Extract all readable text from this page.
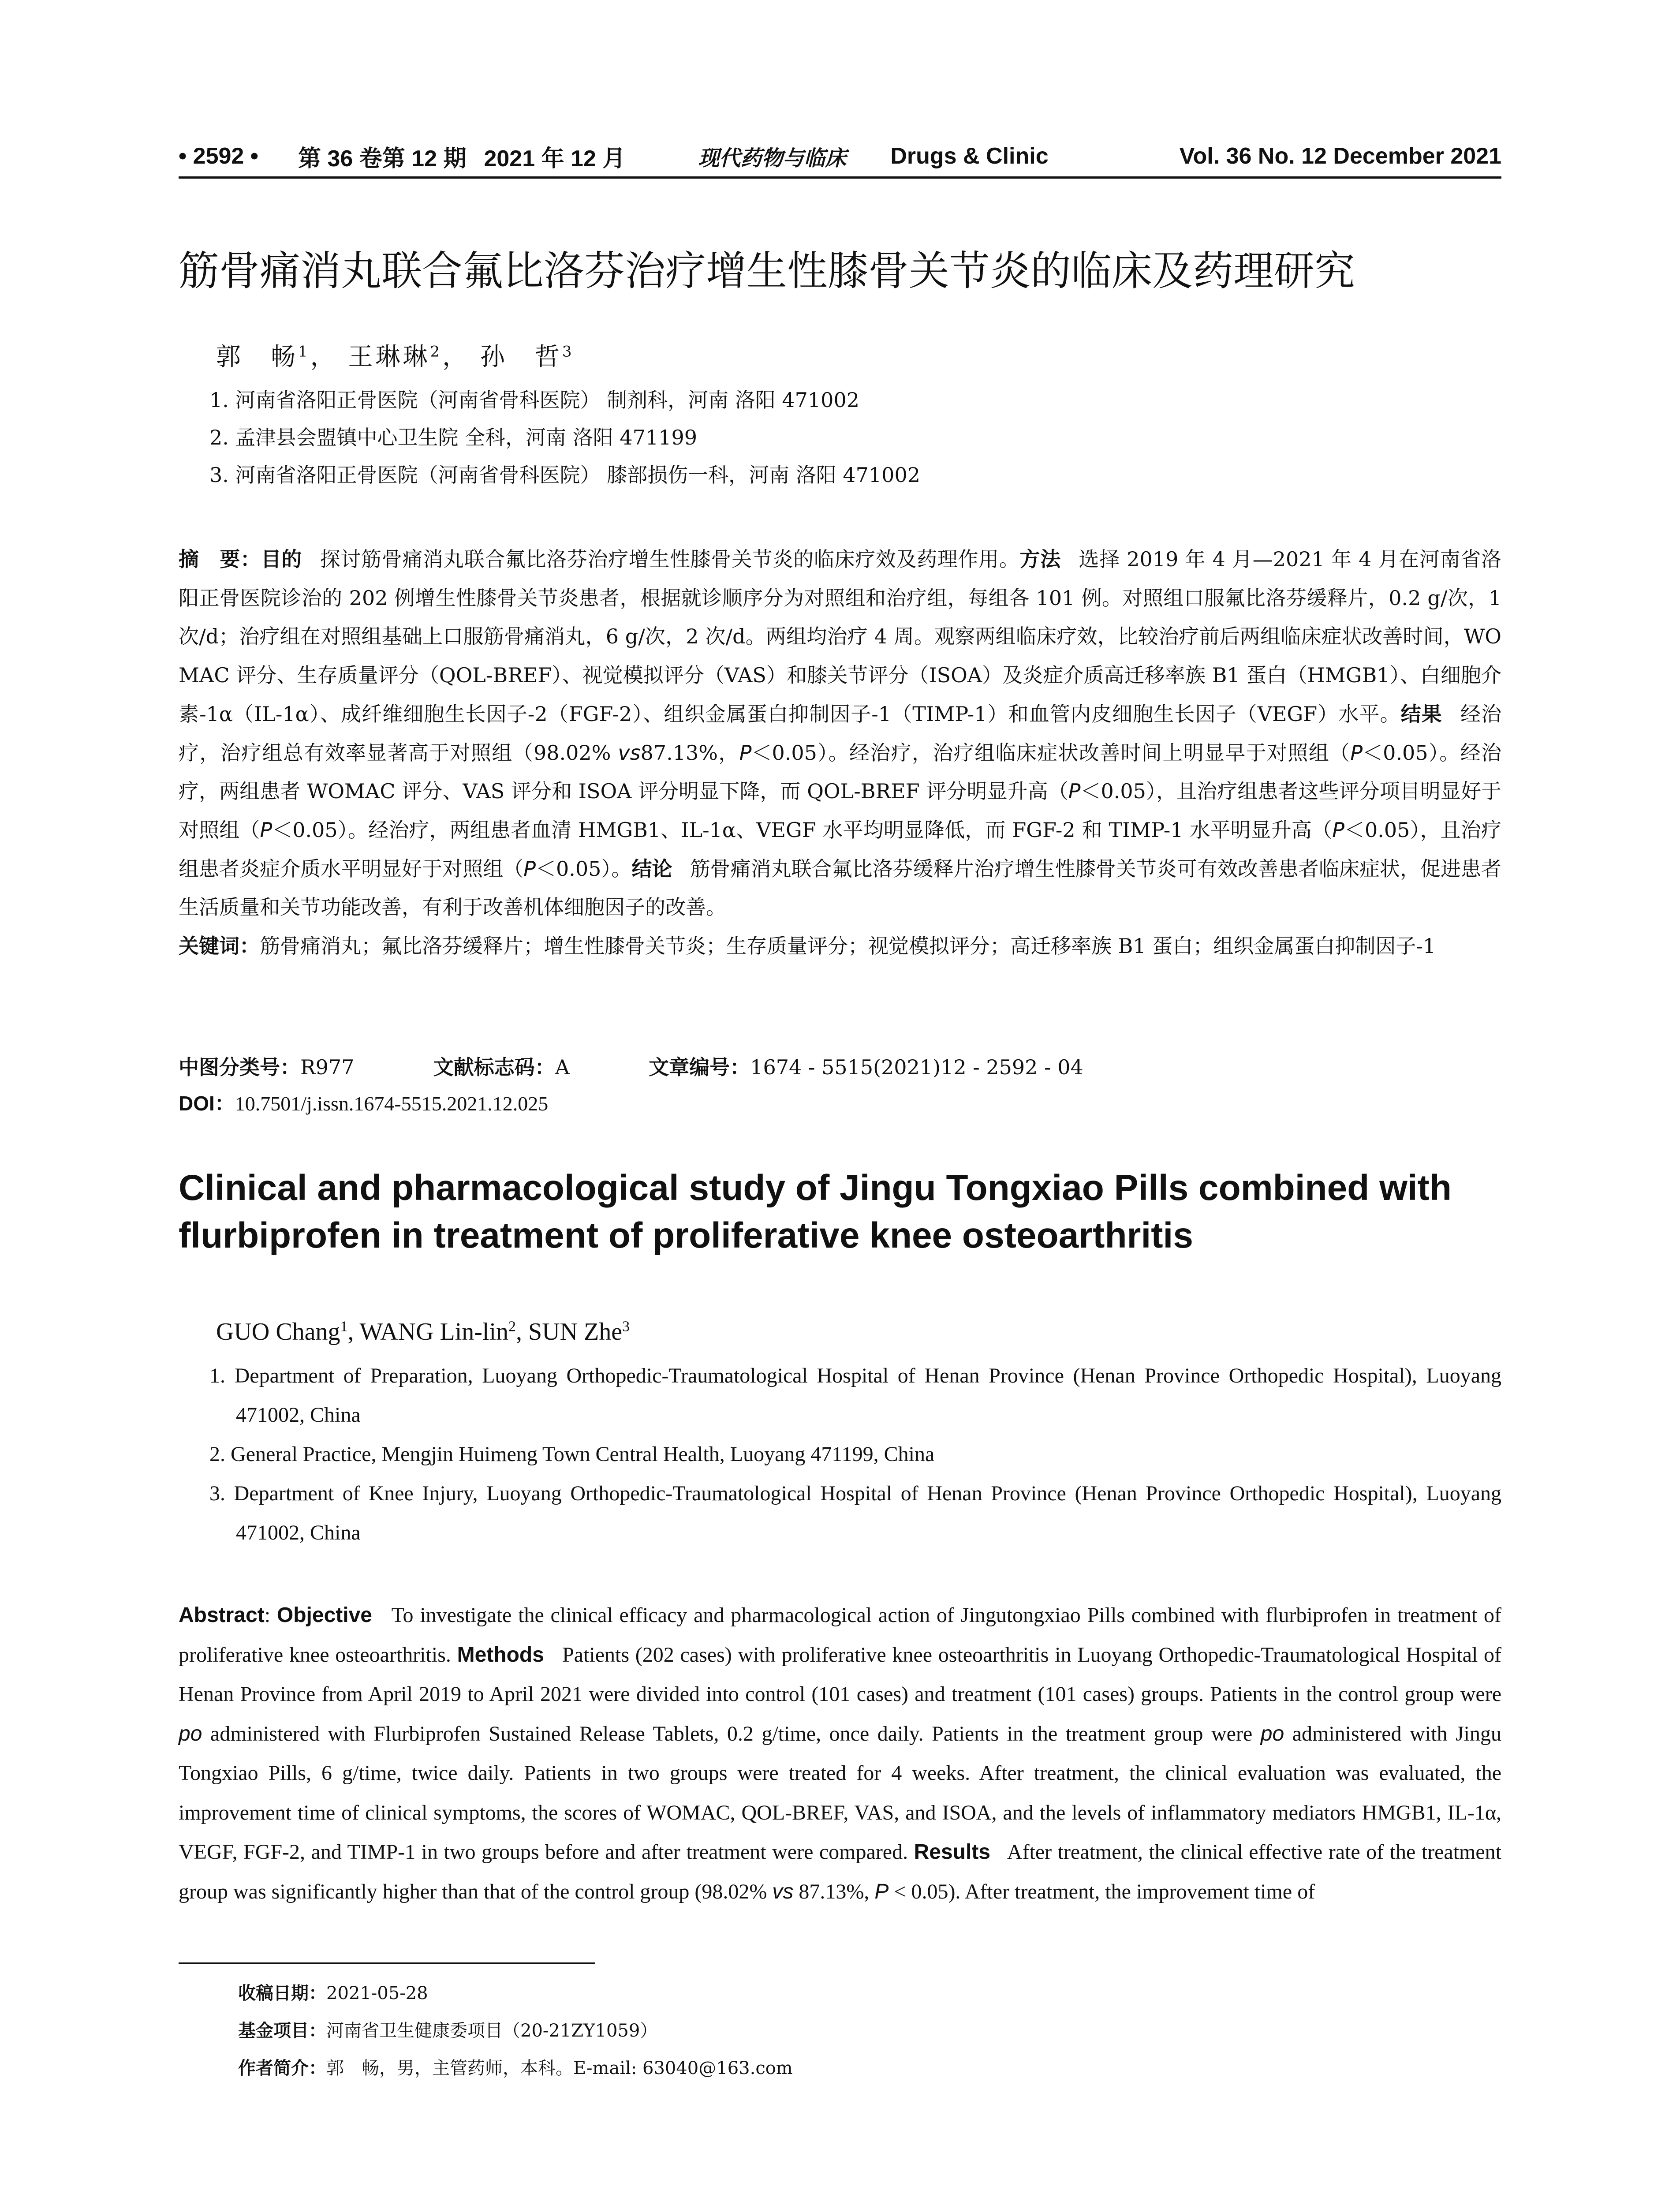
• 2592 • 第 36 卷第 12 期 2021 年 12 月	现代药物与临床 Drugs & Clinic	Vol. 36 No. 12 December 2021
筋骨痛消丸联合氟比洛芬治疗增生性膝骨关节炎的临床及药理研究
郭　畅$^1$， 王琳琳$^2$， 孙　哲$^3$
1. 河南省洛阳正骨医院（河南省骨科医院） 制剂科，河南 洛阳 471002
2. 孟津县会盟镇中心卫生院 全科，河南 洛阳 471199
3. 河南省洛阳正骨医院（河南省骨科医院） 膝部损伤一科，河南 洛阳 471002
摘　要：目的 探讨筋骨痛消丸联合氟比洛芬治疗增生性膝骨关节炎的临床疗效及药理作用。方法 选择 2019 年 4 月—2021 年 4 月在河南省洛阳正骨医院诊治的 202 例增生性膝骨关节炎患者，根据就诊顺序分为对照组和治疗组，每组各 101 例。对照组口服氟比洛芬缓释片，0.2 g/次，1 次/d；治疗组在对照组基础上口服筋骨痛消丸，6 g/次，2 次/d。两组均治疗 4 周。观察两组临床疗效，比较治疗前后两组临床症状改善时间，WOMAC 评分、生存质量评分（QOL-BREF）、视觉模拟评分（VAS）和膝关节评分（ISOA）及炎症介质高迁移率族 B1 蛋白（HMGB1）、白细胞介素-1α（IL-1α）、成纤维细胞生长因子-2（FGF-2）、组织金属蛋白抑制因子-1（TIMP-1）和血管内皮细胞生长因子（VEGF）水平。结果 经治疗，治疗组总有效率显著高于对照组（98.02% vs87.13%，P＜0.05）。经治疗，治疗组临床症状改善时间上明显早于对照组（P＜0.05）。经治疗，两组患者 WOMAC 评分、VAS 评分和 ISOA 评分明显下降，而 QOL-BREF 评分明显升高（P＜0.05），且治疗组患者这些评分项目明显好于对照组（P＜0.05）。经治疗，两组患者血清 HMGB1、IL-1α、VEGF 水平均明显降低，而 FGF-2 和 TIMP-1 水平明显升高（P＜0.05），且治疗组患者炎症介质水平明显好于对照组（P＜0.05）。结论 筋骨痛消丸联合氟比洛芬缓释片治疗增生性膝骨关节炎可有效改善患者临床症状，促进患者生活质量和关节功能改善，有利于改善机体细胞因子的改善。
关键词：筋骨痛消丸；氟比洛芬缓释片；增生性膝骨关节炎；生存质量评分；视觉模拟评分；高迁移率族 B1 蛋白；组织金属蛋白抑制因子-1
中图分类号：R977	文献标志码：A	文章编号：1674 - 5515(2021)12 - 2592 - 04
DOI：10.7501/j.issn.1674-5515.2021.12.025
Clinical and pharmacological study of Jingu Tongxiao Pills combined with flurbiprofen in treatment of proliferative knee osteoarthritis
GUO Chang$^1$, WANG Lin-lin$^2$, SUN Zhe$^3$
1. Department of Preparation, Luoyang Orthopedic-Traumatological Hospital of Henan Province (Henan Province Orthopedic Hospital), Luoyang 471002, China
2. General Practice, Mengjin Huimeng Town Central Health, Luoyang 471199, China
3. Department of Knee Injury, Luoyang Orthopedic-Traumatological Hospital of Henan Province (Henan Province Orthopedic Hospital), Luoyang 471002, China
Abstract: Objective To investigate the clinical efficacy and pharmacological action of Jingutongxiao Pills combined with flurbiprofen in treatment of proliferative knee osteoarthritis. Methods Patients (202 cases) with proliferative knee osteoarthritis in Luoyang Orthopedic-Traumatological Hospital of Henan Province from April 2019 to April 2021 were divided into control (101 cases) and treatment (101 cases) groups. Patients in the control group were po administered with Flurbiprofen Sustained Release Tablets, 0.2 g/time, once daily. Patients in the treatment group were po administered with Jingu Tongxiao Pills, 6 g/time, twice daily. Patients in two groups were treated for 4 weeks. After treatment, the clinical evaluation was evaluated, the improvement time of clinical symptoms, the scores of WOMAC, QOL-BREF, VAS, and ISOA, and the levels of inflammatory mediators HMGB1, IL-1α, VEGF, FGF-2, and TIMP-1 in two groups before and after treatment were compared. Results After treatment, the clinical effective rate of the treatment group was significantly higher than that of the control group (98.02% vs 87.13%, P < 0.05). After treatment, the improvement time of
收稿日期：2021-05-28
基金项目：河南省卫生健康委项目（20-21ZY1059）
作者简介：郭　畅，男，主管药师，本科。E-mail: 63040@163.com
